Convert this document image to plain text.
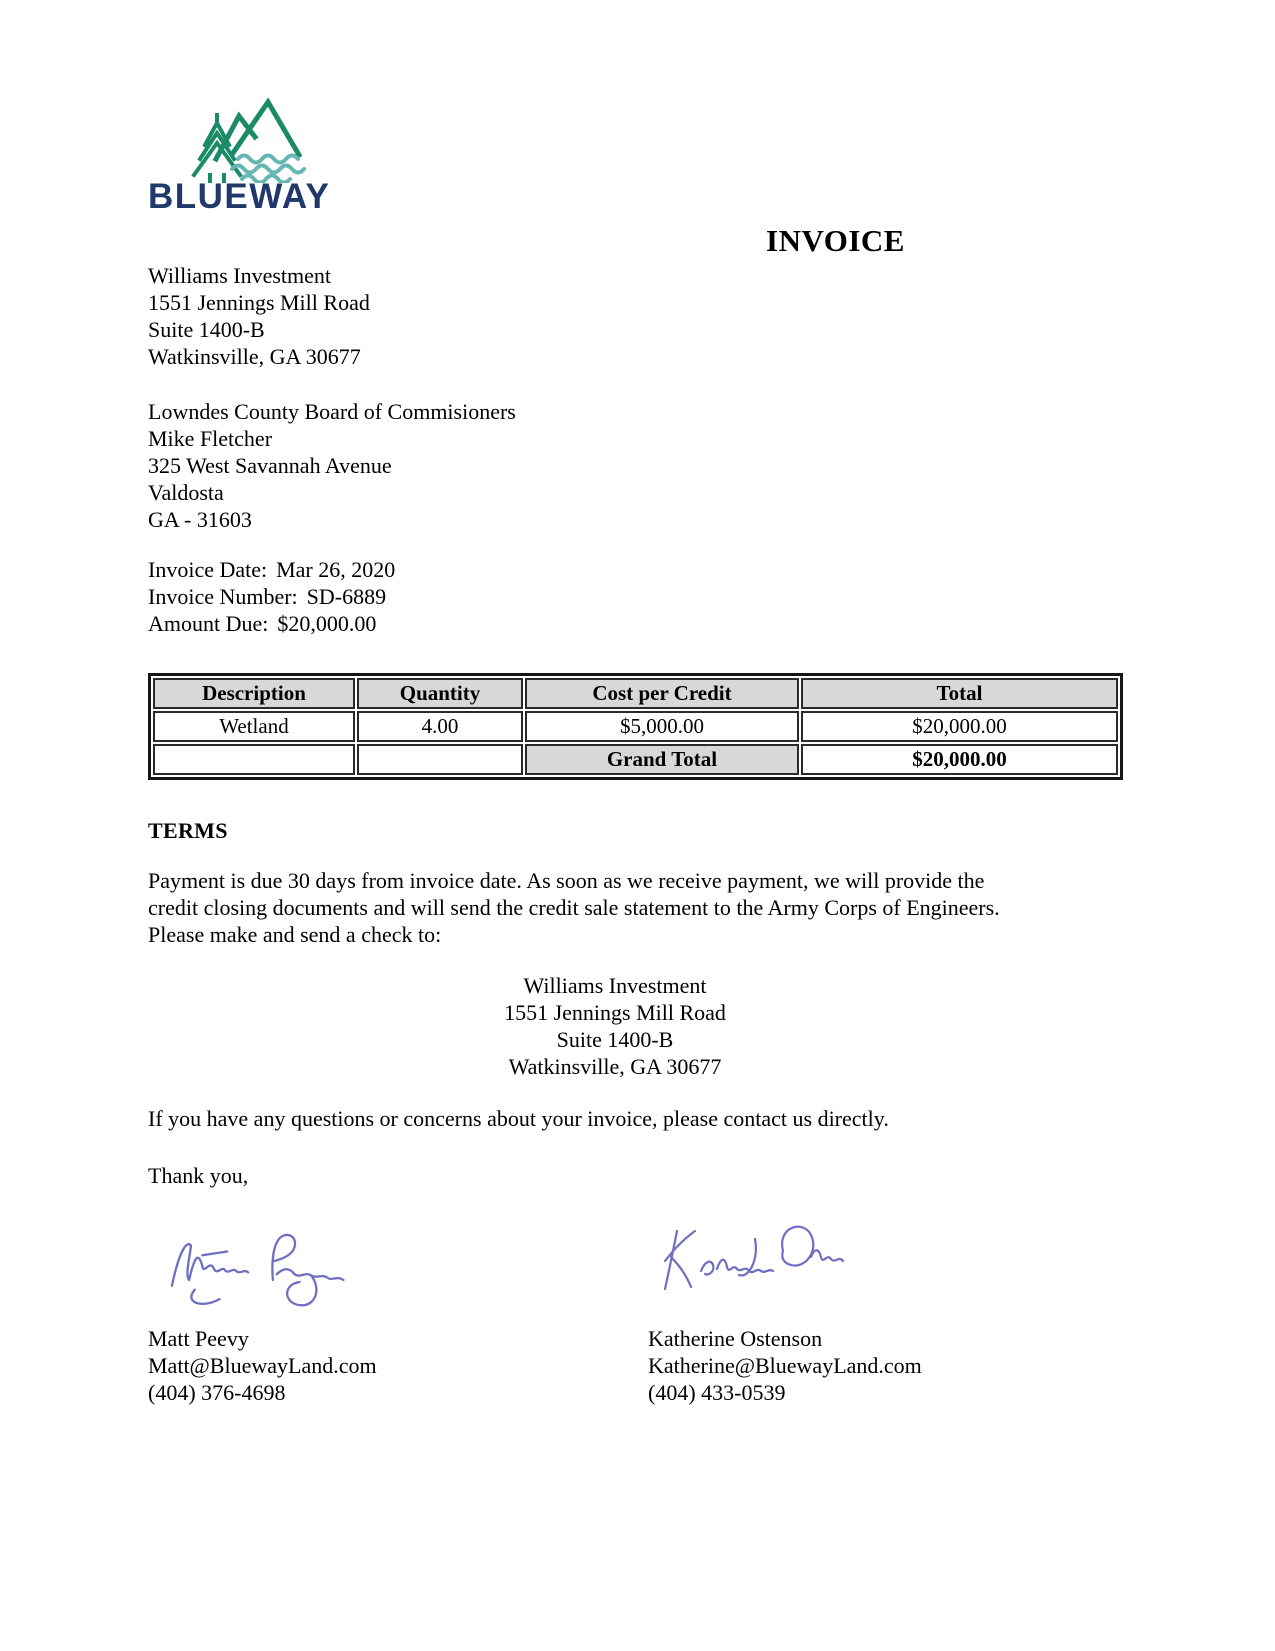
BLUEWAY
INVOICE
Williams Investment
1551 Jennings Mill Road
Suite 1400-B
Watkinsville, GA 30677
Lowndes County Board of Commisioners
Mike Fletcher
325 West Savannah Avenue
Valdosta
GA - 31603
Invoice Date: Mar 26, 2020
Invoice Number: SD-6889
Amount Due: $20,000.00
Description	Quantity	Cost per Credit	Total
Wetland	4.00	$5,000.00	$20,000.00
		Grand Total	$20,000.00
TERMS
Payment is due 30 days from invoice date. As soon as we receive payment, we will provide the
credit closing documents and will send the credit sale statement to the Army Corps of Engineers.
Please make and send a check to:
Williams Investment
1551 Jennings Mill Road
Suite 1400-B
Watkinsville, GA 30677
If you have any questions or concerns about your invoice, please contact us directly.
Thank you,
Matt Peevy
Matt@BluewayLand.com
(404) 376-4698
Katherine Ostenson
Katherine@BluewayLand.com
(404) 433-0539
